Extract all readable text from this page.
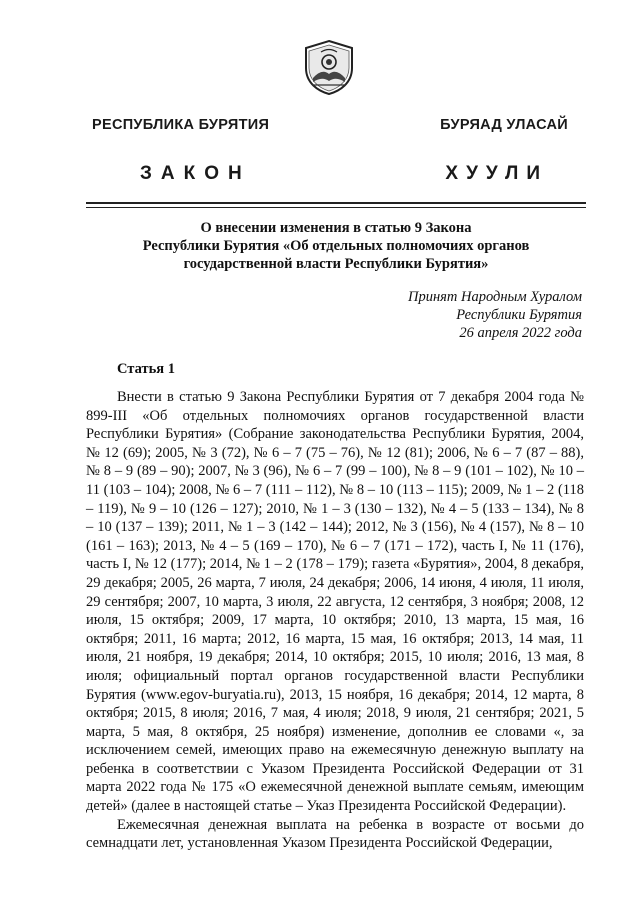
РЕСПУБЛИКА БУРЯТИЯ	БУРЯАД УЛАСАЙ
ЗАКОН	ХУУЛИ
О внесении изменения в статью 9 Закона
Республики Бурятия «Об отдельных полномочиях органов
государственной власти Республики Бурятия»
Принят Народным Хуралом
Республики Бурятия
26 апреля 2022 года
Статья 1

Внести в статью 9 Закона Республики Бурятия от 7 декабря 2004 года № 899-III «Об отдельных полномочиях органов государственной власти Республики Бурятия» (Собрание законодательства Республики Бурятия, 2004, № 12 (69); 2005, № 3 (72), № 6 – 7 (75 – 76), № 12 (81); 2006, № 6 – 7 (87 – 88), № 8 – 9 (89 – 90); 2007, № 3 (96), № 6 – 7 (99 – 100), № 8 – 9 (101 – 102), № 10 – 11 (103 – 104); 2008, № 6 – 7 (111 – 112), № 8 – 10 (113 – 115); 2009, № 1 – 2 (118 – 119), № 9 – 10 (126 – 127); 2010, № 1 – 3 (130 – 132), № 4 – 5 (133 – 134), № 8 – 10 (137 – 139); 2011, № 1 – 3 (142 – 144); 2012, № 3 (156), № 4 (157), № 8 – 10 (161 – 163); 2013, № 4 – 5 (169 – 170), № 6 – 7 (171 – 172), часть I, № 11 (176), часть I, № 12 (177); 2014, № 1 – 2 (178 – 179); газета «Бурятия», 2004, 8 декабря, 29 декабря; 2005, 26 марта, 7 июля, 24 декабря; 2006, 14 июня, 4 июля, 11 июля, 29 сентября; 2007, 10 марта, 3 июля, 22 августа, 12 сентября, 3 ноября; 2008, 12 июля, 15 октября; 2009, 17 марта, 10 октября; 2010, 13 марта, 15 мая, 16 октября; 2011, 16 марта; 2012, 16 марта, 15 мая, 16 октября; 2013, 14 мая, 11 июля, 21 ноября, 19 декабря; 2014, 10 октября; 2015, 10 июля; 2016, 13 мая, 8 июля; официальный портал органов государственной власти Республики Бурятия (www.egov-buryatia.ru), 2013, 15 ноября, 16 декабря; 2014, 12 марта, 8 октября; 2015, 8 июля; 2016, 7 мая, 4 июля; 2018, 9 июля, 21 сентября; 2021, 5 марта, 5 мая, 8 октября, 25 ноября) изменение, дополнив ее словами «, за исключением семей, имеющих право на ежемесячную денежную выплату на ребенка в соответствии с Указом Президента Российской Федерации от 31 марта 2022 года № 175 «О ежемесячной денежной выплате семьям, имеющим детей» (далее в настоящей статье – Указ Президента Российской Федерации).

Ежемесячная денежная выплата на ребенка в возрасте от восьми до семнадцати лет, установленная Указом Президента Российской Федерации,
